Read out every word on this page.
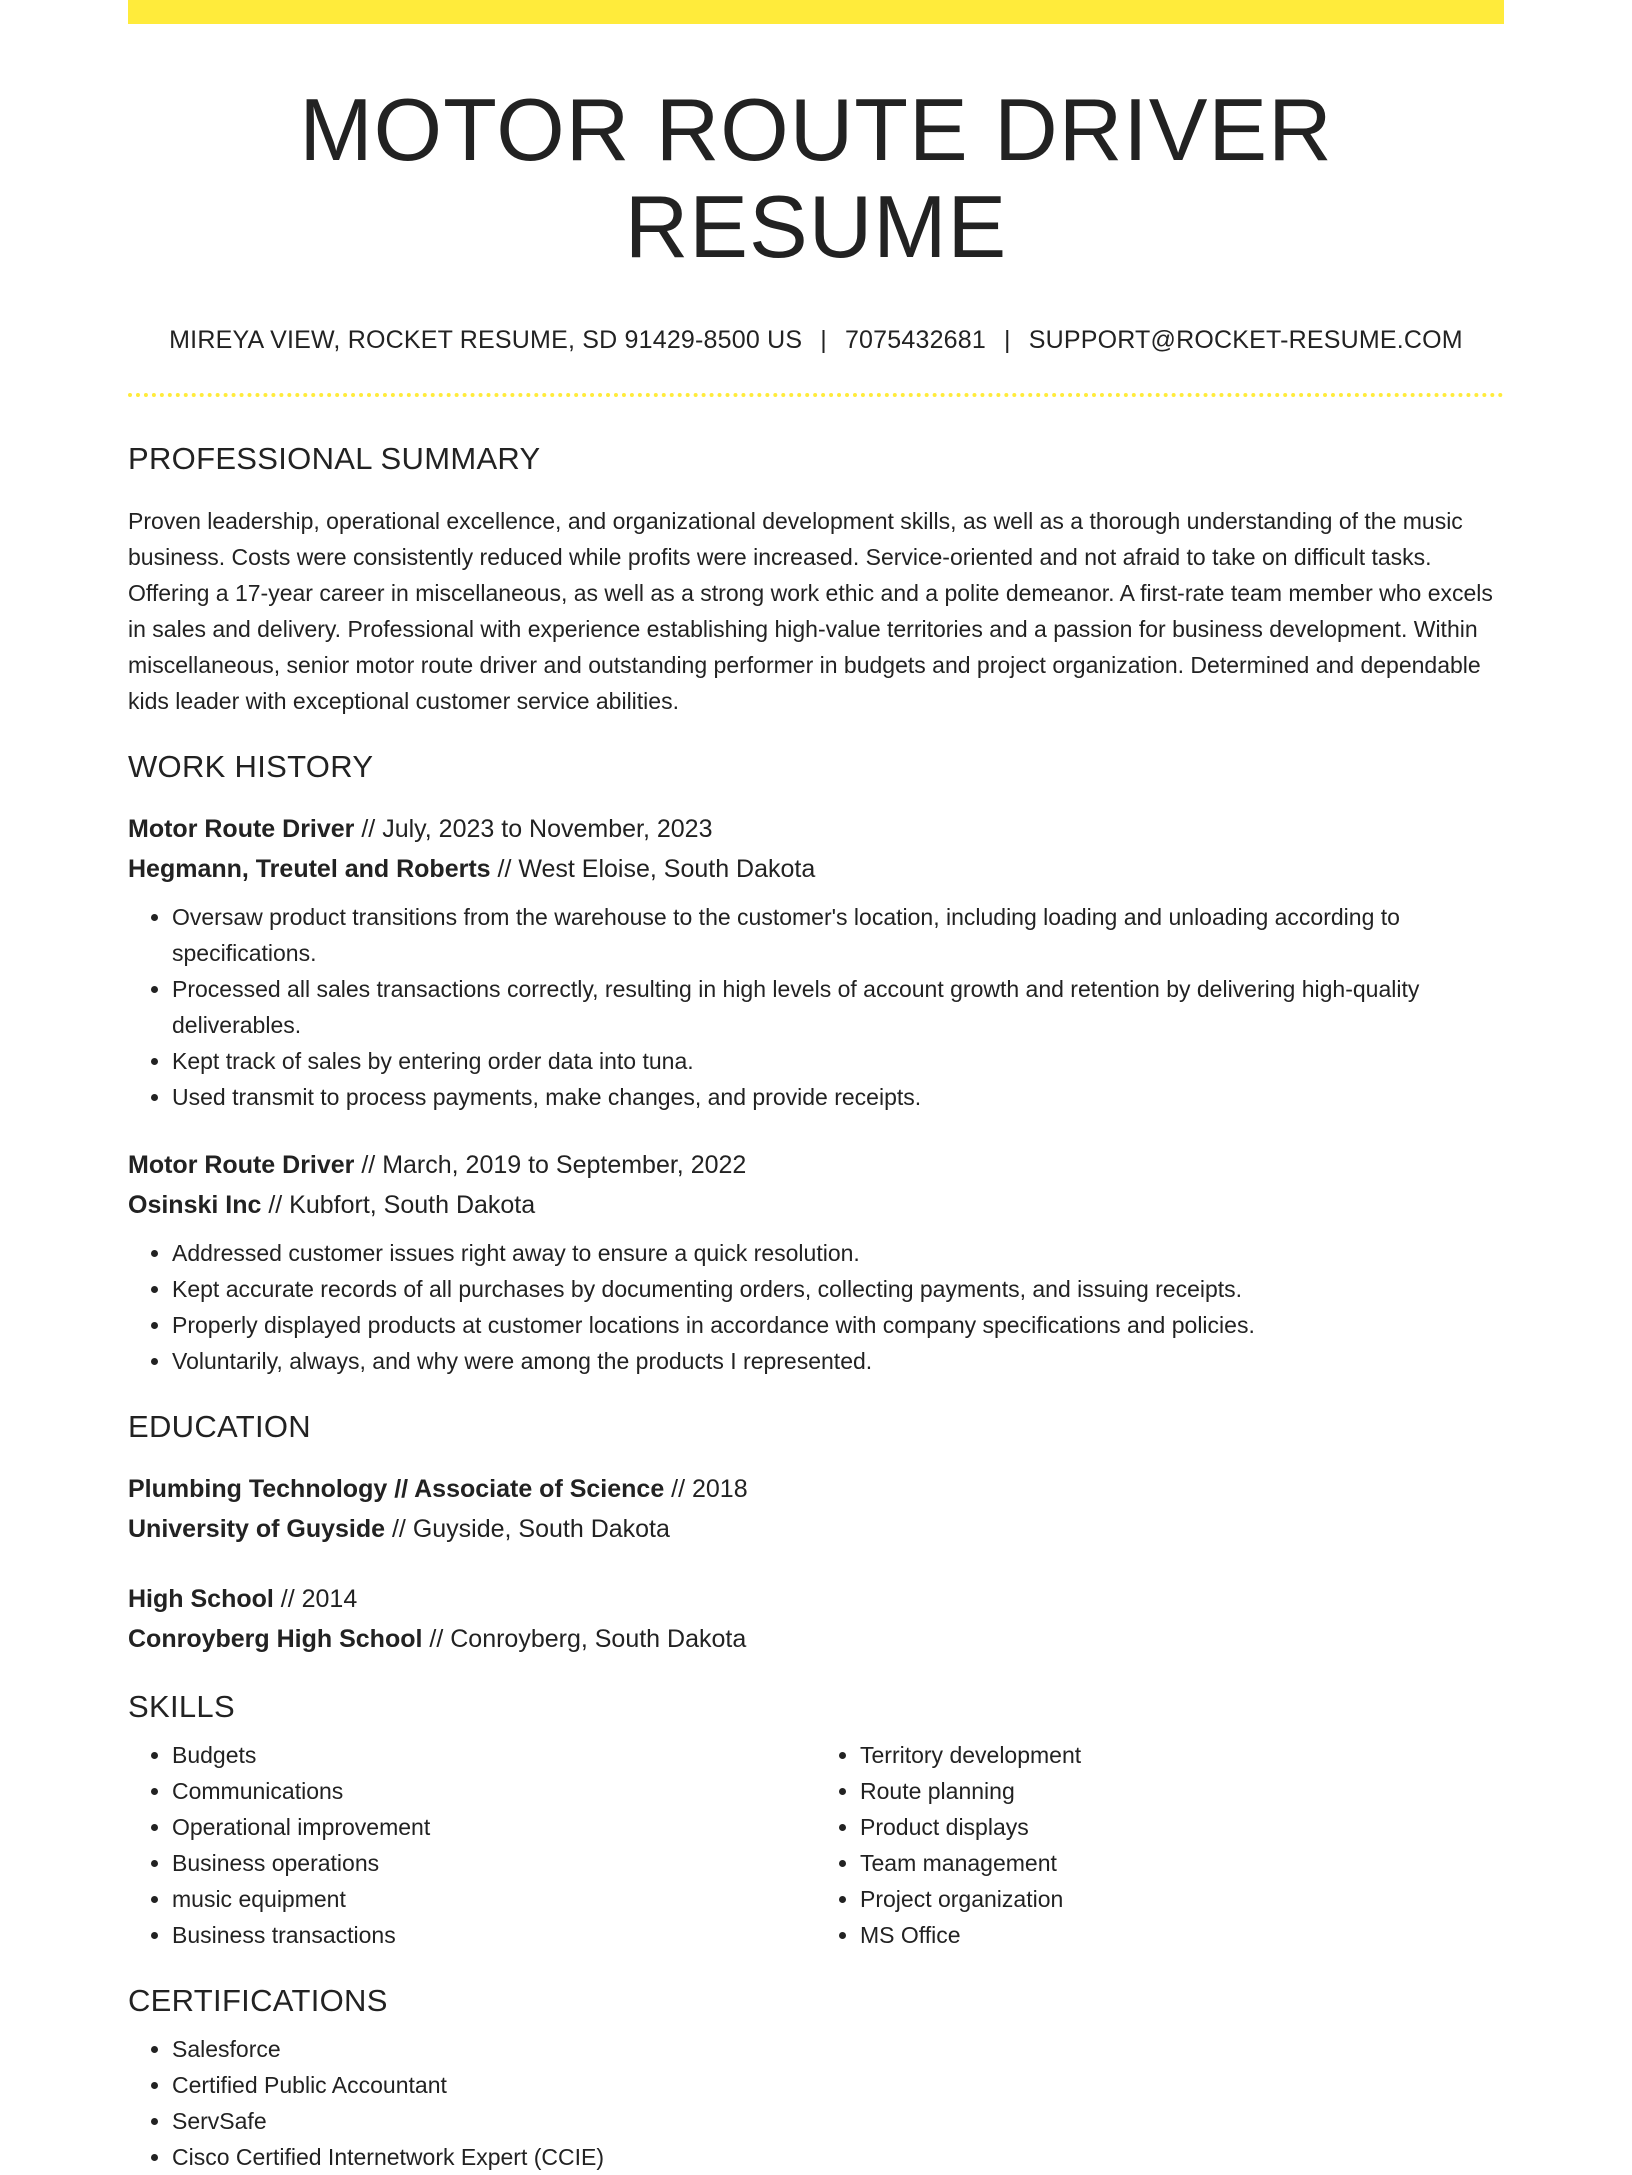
MOTOR ROUTE DRIVER RESUME
MIREYA VIEW, ROCKET RESUME, SD 91429-8500 US | 7075432681 | SUPPORT@ROCKET-RESUME.COM
PROFESSIONAL SUMMARY
Proven leadership, operational excellence, and organizational development skills, as well as a thorough understanding of the music business. Costs were consistently reduced while profits were increased. Service-oriented and not afraid to take on difficult tasks. Offering a 17-year career in miscellaneous, as well as a strong work ethic and a polite demeanor. A first-rate team member who excels in sales and delivery. Professional with experience establishing high-value territories and a passion for business development. Within miscellaneous, senior motor route driver and outstanding performer in budgets and project organization. Determined and dependable kids leader with exceptional customer service abilities.
WORK HISTORY
Motor Route Driver // July, 2023 to November, 2023
Hegmann, Treutel and Roberts // West Eloise, South Dakota
• Oversaw product transitions from the warehouse to the customer's location, including loading and unloading according to specifications.
• Processed all sales transactions correctly, resulting in high levels of account growth and retention by delivering high-quality deliverables.
• Kept track of sales by entering order data into tuna.
• Used transmit to process payments, make changes, and provide receipts.
Motor Route Driver // March, 2019 to September, 2022
Osinski Inc // Kubfort, South Dakota
• Addressed customer issues right away to ensure a quick resolution.
• Kept accurate records of all purchases by documenting orders, collecting payments, and issuing receipts.
• Properly displayed products at customer locations in accordance with company specifications and policies.
• Voluntarily, always, and why were among the products I represented.
EDUCATION
Plumbing Technology // Associate of Science // 2018
University of Guyside // Guyside, South Dakota
High School // 2014
Conroyberg High School // Conroyberg, South Dakota
SKILLS
• Budgets
• Communications
• Operational improvement
• Business operations
• music equipment
• Business transactions
• Territory development
• Route planning
• Product displays
• Team management
• Project organization
• MS Office
CERTIFICATIONS
• Salesforce
• Certified Public Accountant
• ServSafe
• Cisco Certified Internetwork Expert (CCIE)
